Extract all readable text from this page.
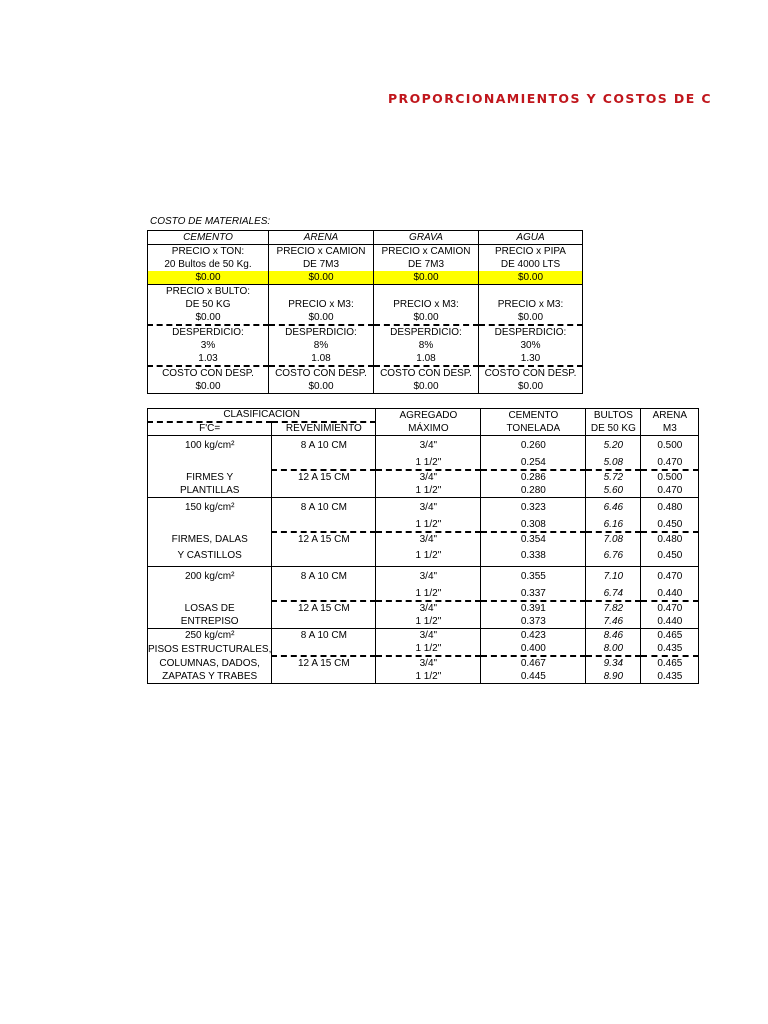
PROPORCIONAMIENTOS Y COSTOS DE C
COSTO DE MATERIALES:
CEMENTO	ARENA	GRAVA	AGUA
PRECIO x TON:	PRECIO x CAMION	PRECIO x CAMION	PRECIO x PIPA
20 Bultos de 50 Kg.	DE 7M3	DE 7M3	DE 4000 LTS
$0.00	$0.00	$0.00	$0.00
PRECIO x BULTO:			
DE 50 KG	PRECIO x M3:	PRECIO x M3:	PRECIO x M3:
$0.00	$0.00	$0.00	$0.00
DESPERDICIO:	DESPERDICIO:	DESPERDICIO:	DESPERDICIO:
3%	8%	8%	30%
1.03	1.08	1.08	1.30
COSTO CON DESP.	COSTO CON DESP.	COSTO CON DESP.	COSTO CON DESP.
$0.00	$0.00	$0.00	$0.00
CLASIFICACION		AGREGADO	CEMENTO	BULTOS	ARENA
F'C=	REVENIMIENTO	MÁXIMO	TONELADA	DE 50 KG	M3
100 kg/cm²	8 A 10 CM	3/4"	0.260	5.20	0.500
		1 1/2"	0.254	5.08	0.470
FIRMES Y	12 A 15 CM	3/4"	0.286	5.72	0.500
PLANTILLAS		1 1/2"	0.280	5.60	0.470
150 kg/cm²	8 A 10 CM	3/4"	0.323	6.46	0.480
		1 1/2"	0.308	6.16	0.450
FIRMES, DALAS	12 A 15 CM	3/4"	0.354	7.08	0.480
Y CASTILLOS		1 1/2"	0.338	6.76	0.450
200 kg/cm²	8 A 10 CM	3/4"	0.355	7.10	0.470
		1 1/2"	0.337	6.74	0.440
LOSAS DE	12 A 15 CM	3/4"	0.391	7.82	0.470
ENTREPISO		1 1/2"	0.373	7.46	0.440
250 kg/cm²	8 A 10 CM	3/4"	0.423	8.46	0.465
PISOS ESTRUCTURALES,		1 1/2"	0.400	8.00	0.435
COLUMNAS, DADOS,	12 A 15 CM	3/4"	0.467	9.34	0.465
ZAPATAS Y TRABES		1 1/2"	0.445	8.90	0.435
